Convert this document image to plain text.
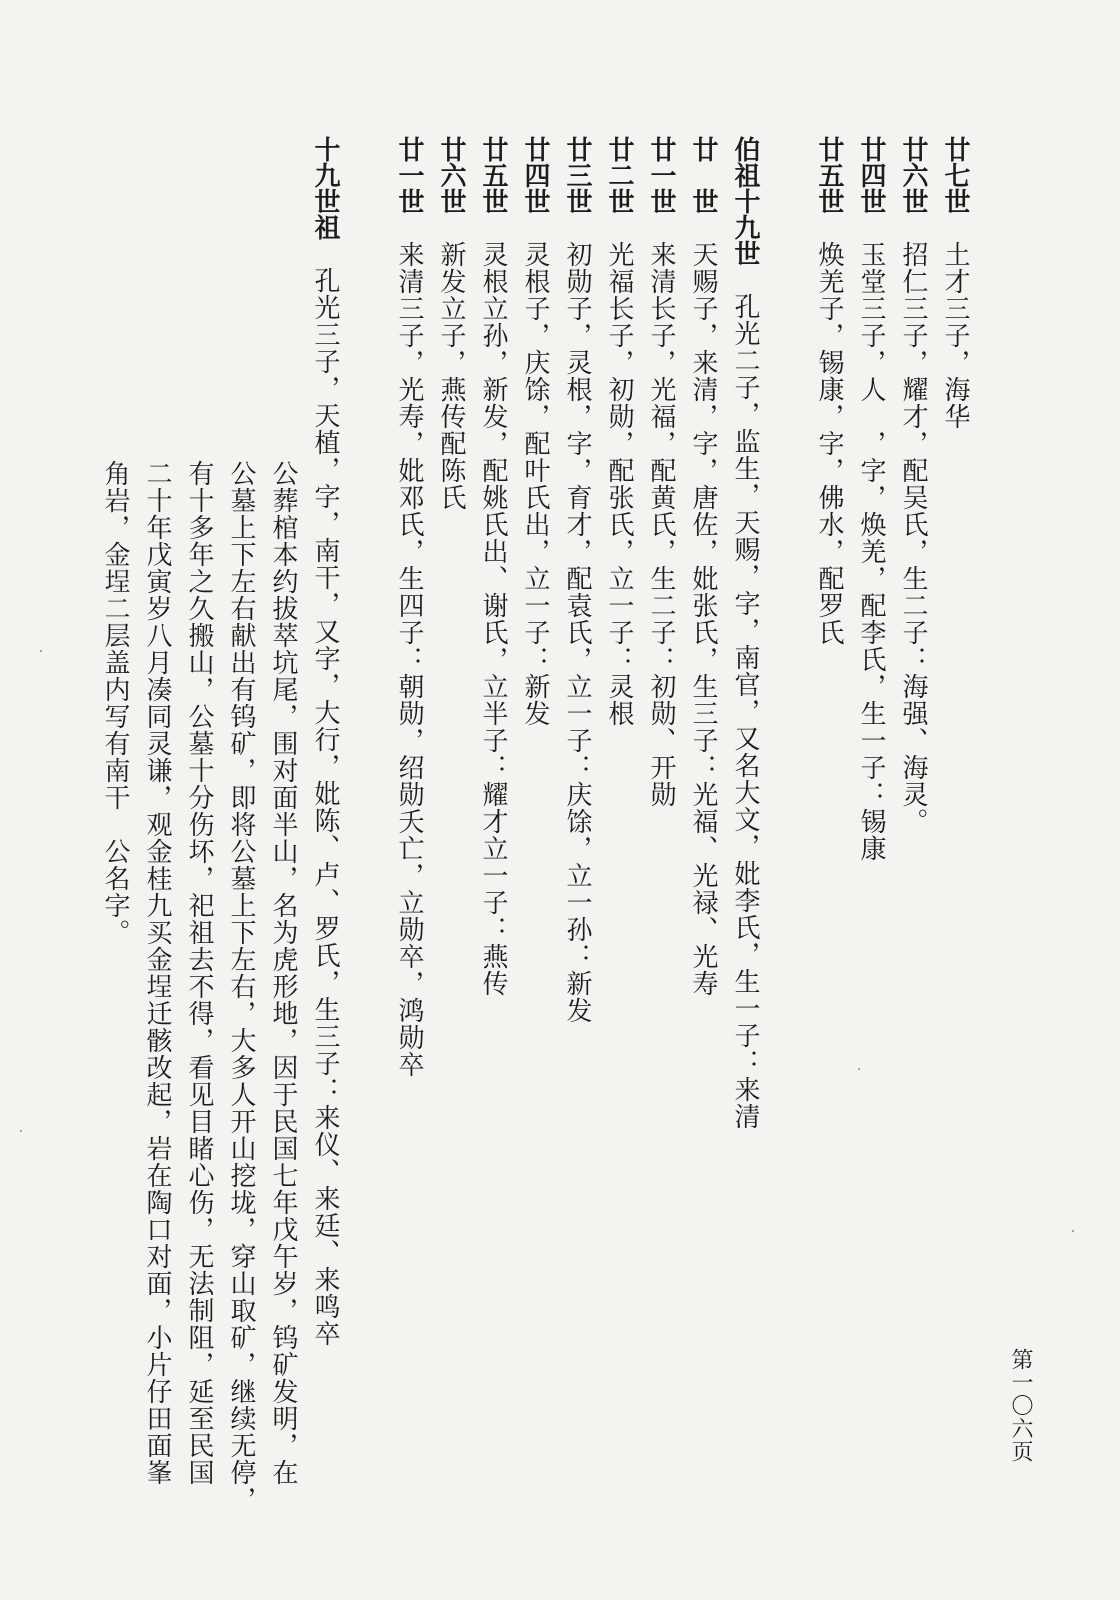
廿七世　土才三子，海华
廿六世　招仁三子，耀才，配吴氏，生二子：海强、海灵。
廿四世　玉堂三子，人　，字，焕羌，配李氏，生一子：锡康
廿五世　焕羌子，锡康，字，佛水，配罗氏
伯祖十九世　孔光二子，监生，天赐，字，南官，又名大文，妣李氏，生一子：来清
廿　世　天赐子，来清，字，唐佐，妣张氏，生三子：光福、光禄、光寿
廿一世　来清长子，光福，配黄氏，生二子：初勋、开勋
廿二世　光福长子，初勋，配张氏，立一子：灵根
廿三世　初勋子，灵根，字，育才，配袁氏，立一子：庆馀，立一孙：新发
廿四世　灵根子，庆馀，配叶氏出，立一子：新发
廿五世　灵根立孙，新发，配姚氏出、谢氏，立半子：耀才立一子：燕传
廿六世　新发立子，燕传配陈氏
廿一世　来清三子，光寿，妣邓氏，生四子：朝勋，绍勋夭亡，立勋卒，鸿勋卒
十九世祖　孔光三子，天植，字，南干，又字，大行，妣陈、卢、罗氏，生三子：来仪、来廷、来鸣卒
公葬棺本约拔萃坑尾，围对面半山，名为虎形地，因于民国七年戊午岁，钨矿发明，在
公墓上下左右献出有钨矿，即将公墓上下左右，大多人开山挖垅，穿山取矿，继续无停，
有十多年之久搬山，公墓十分伤坏，祀祖去不得，看见目睹心伤，无法制阻，延至民国
二十年戊寅岁八月凑同灵谦，观金桂九买金埕迁骸改起，岩在陶口对面，小片仔田面峯
角岩，金埕二层盖内写有南干　公名字。
第一〇六页
